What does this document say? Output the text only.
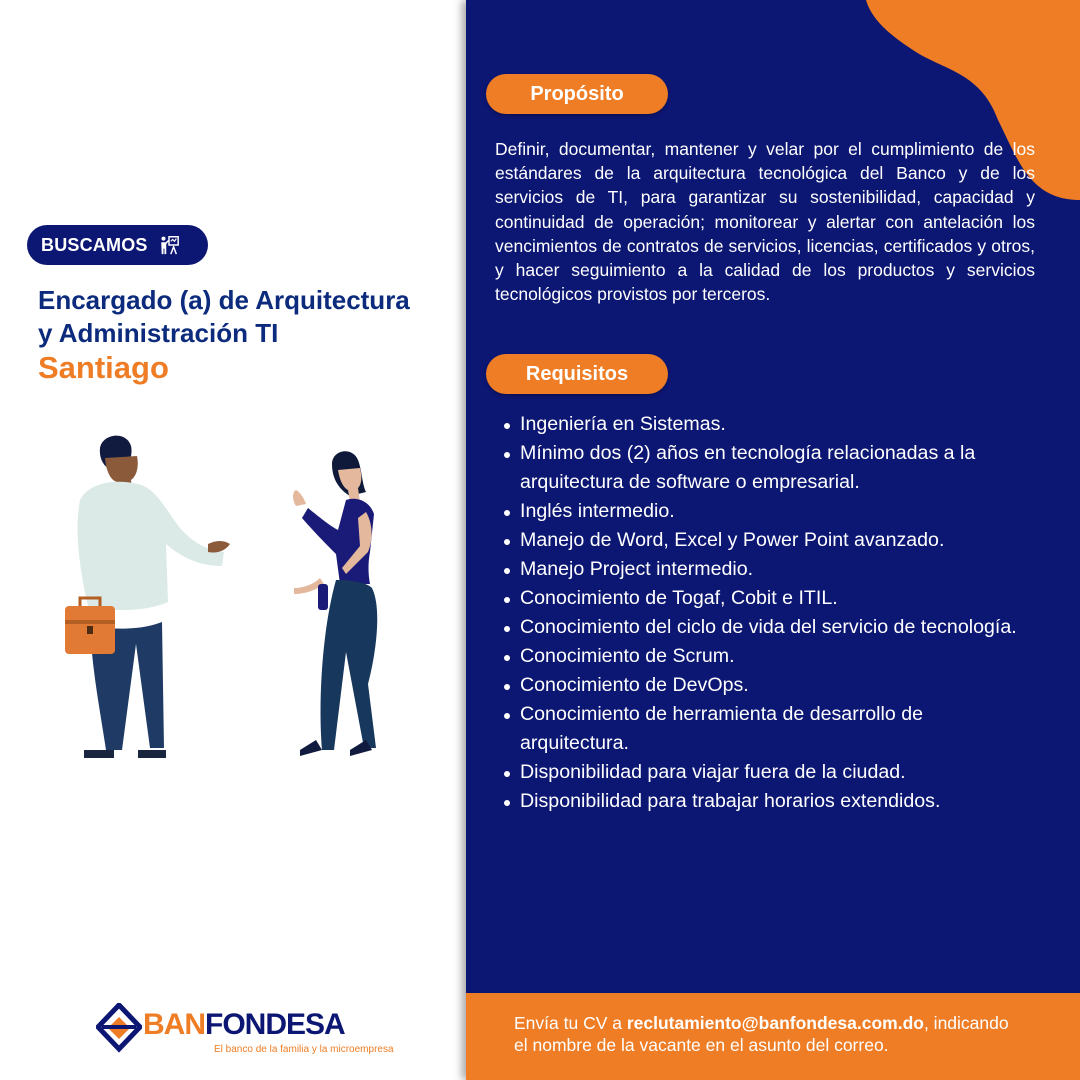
BUSCAMOS
Encargado (a) de Arquitectura
y Administración TI
Santiago
BANFONDESA
El banco de la familia y la microempresa
Propósito

Definir, documentar, mantener y velar por el cumplimiento de los estándares de la arquitectura tecnológica del Banco y de los servicios de TI, para garantizar su sostenibilidad, capacidad y continuidad de operación; monitorear y alertar con antelación los vencimientos de contratos de servicios, licencias, certificados y otros, y hacer seguimiento a la calidad de los productos y servicios tecnológicos provistos por terceros.

Requisitos
Ingeniería en Sistemas.
Mínimo dos (2) años en tecnología relacionadas a la arquitectura de software o empresarial.
Inglés intermedio.
Manejo de Word, Excel y Power Point avanzado.
Manejo Project intermedio.
Conocimiento de Togaf, Cobit e ITIL.
Conocimiento del ciclo de vida del servicio de tecnología.
Conocimiento de Scrum.
Conocimiento de DevOps.
Conocimiento de herramienta de desarrollo de arquitectura.
Disponibilidad para viajar fuera de la ciudad.
Disponibilidad para trabajar horarios extendidos.
Envía tu CV a reclutamiento@banfondesa.com.do, indicando
el nombre de la vacante en el asunto del correo.
